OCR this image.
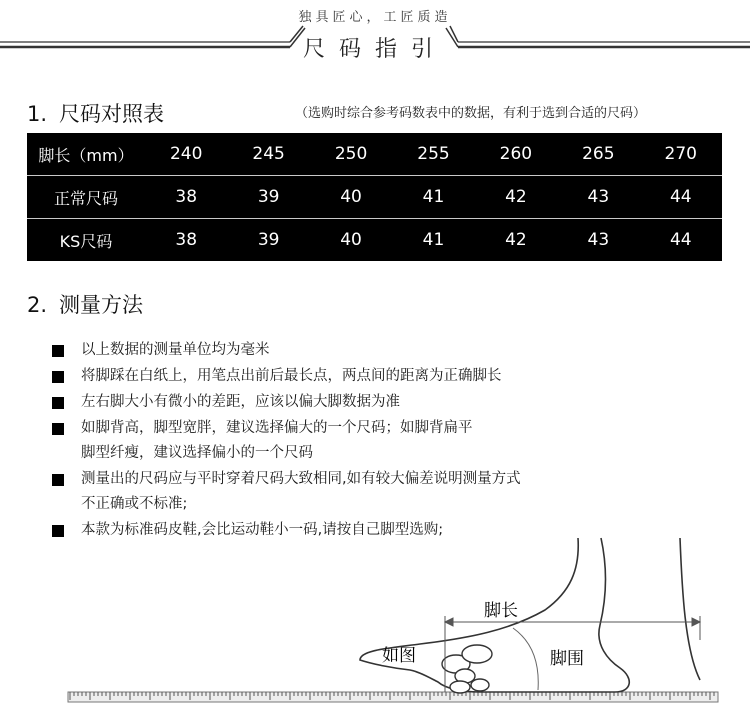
独具匠心，工匠质造
尺码指引
1. 尺码对照表	（选购时综合参考码数表中的数据，有利于选到合适的尺码）
脚长（mm）	240	245	250	255	260	265	270
正常尺码	38	39	40	41	42	43	44
KS尺码	38	39	40	41	42	43	44
2. 测量方法
以上数据的测量单位均为毫米
将脚踩在白纸上，用笔点出前后最长点，两点间的距离为正确脚长
左右脚大小有微小的差距，应该以偏大脚数据为准
如脚背高，脚型宽胖，建议选择偏大的一个尺码；如脚背扁平
脚型纤瘦，建议选择偏小的一个尺码
测量出的尺码应与平时穿着尺码大致相同,如有较大偏差说明测量方式
不正确或不标准;
本款为标准码皮鞋,会比运动鞋小一码,请按自己脚型选购;
脚长
脚围
如图
